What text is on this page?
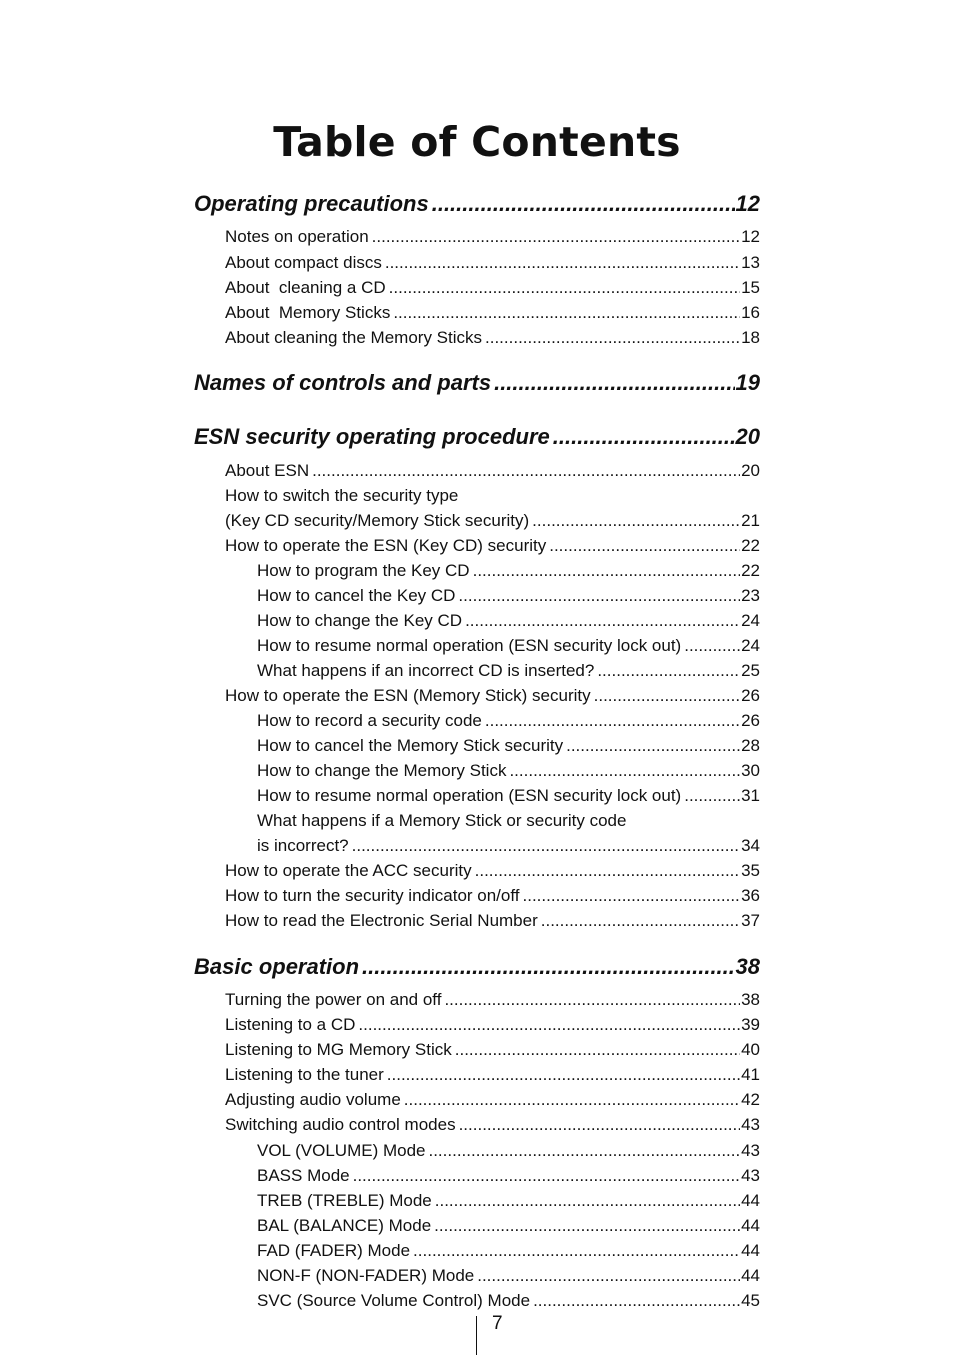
Table of Contents
Operating precautions .....	12
Notes on operation .....	12
About compact discs .....	13
About  cleaning a CD .....	15
About  Memory Sticks .....	16
About cleaning the Memory Sticks .....	18
Names of controls and parts .....	19
ESN security operating procedure .....	20
About ESN .....	20
How to switch the security type
(Key CD security/Memory Stick security) .....	21
How to operate the ESN (Key CD) security .....	22
How to program the Key CD .....	22
How to cancel the Key CD .....	23
How to change the Key CD .....	24
How to resume normal operation (ESN security lock out) .....	24
What happens if an incorrect CD is inserted? .....	25
How to operate the ESN (Memory Stick) security .....	26
How to record a security code .....	26
How to cancel the Memory Stick security .....	28
How to change the Memory Stick .....	30
How to resume normal operation (ESN security lock out) .....	31
What happens if a Memory Stick or security code
is incorrect? .....	34
How to operate the ACC security .....	35
How to turn the security indicator on/off .....	36
How to read the Electronic Serial Number .....	37
Basic operation .....	38
Turning the power on and off .....	38
Listening to a CD .....	39
Listening to MG Memory Stick .....	40
Listening to the tuner .....	41
Adjusting audio volume .....	42
Switching audio control modes .....	43
VOL (VOLUME) Mode .....	43
BASS Mode .....	43
TREB (TREBLE) Mode .....	44
BAL (BALANCE) Mode .....	44
FAD (FADER) Mode .....	44
NON-F (NON-FADER) Mode .....	44
SVC (Source Volume Control) Mode .....	45
7
